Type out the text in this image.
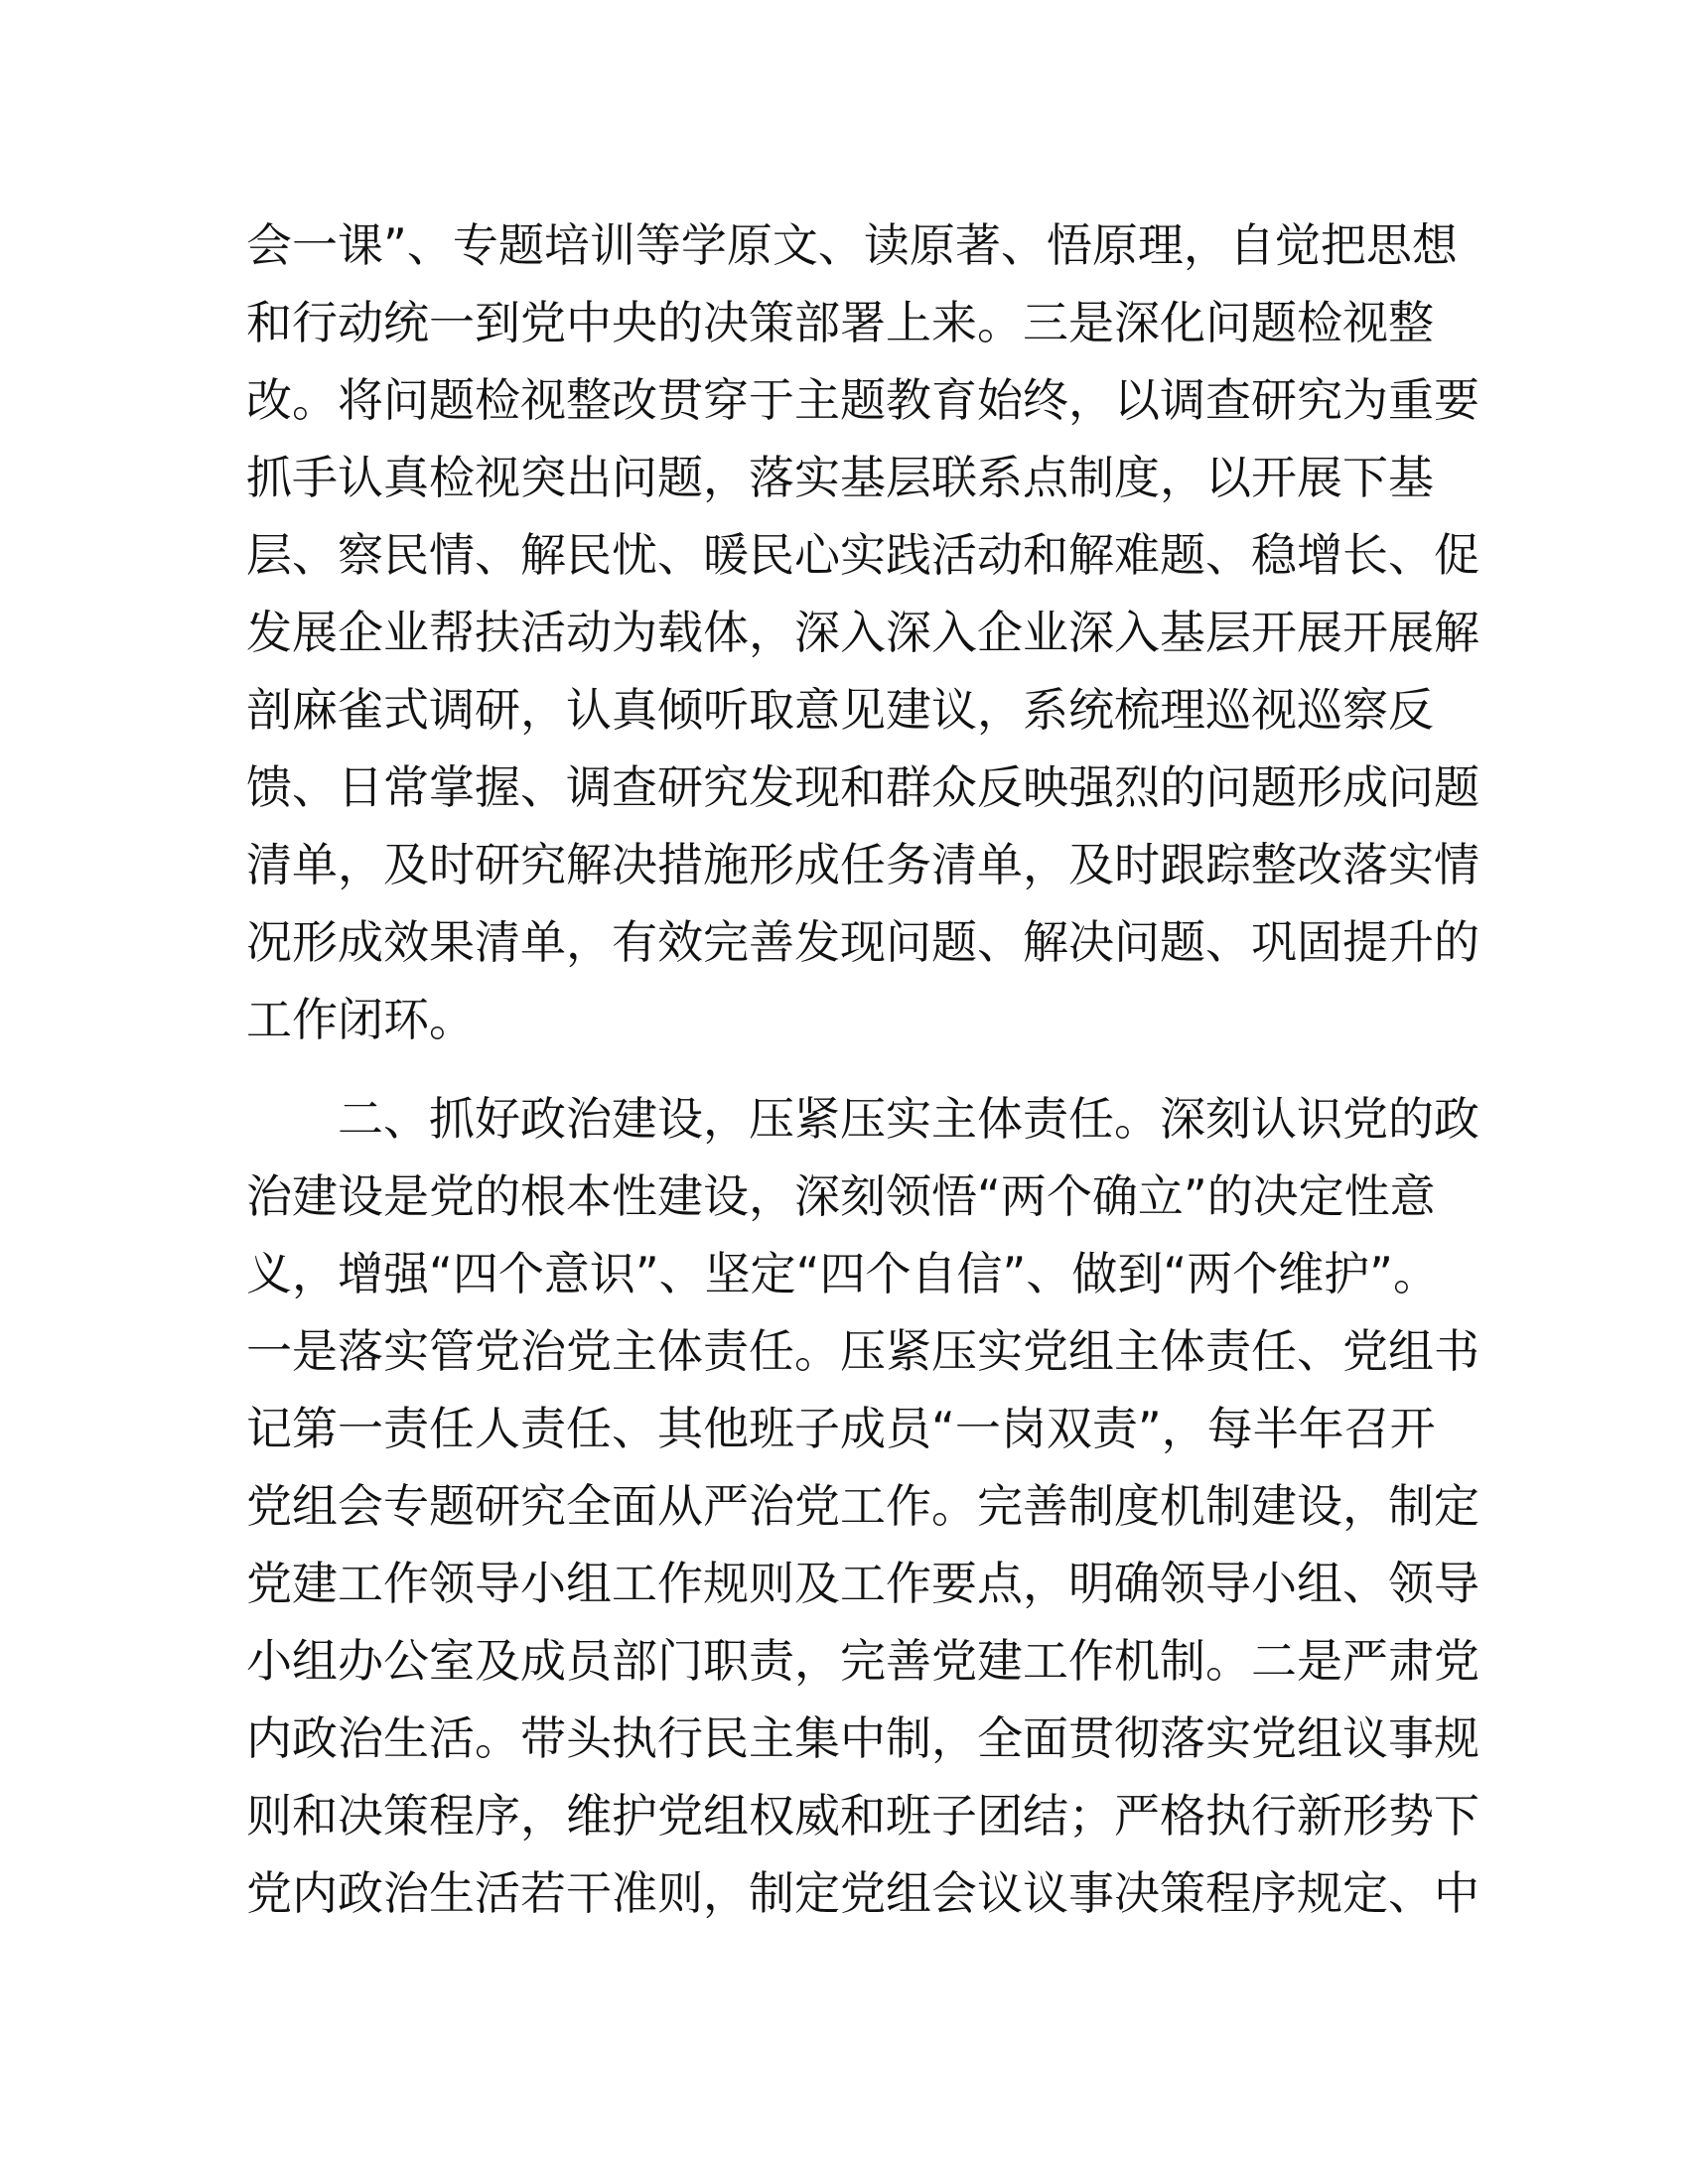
会一课”、专题培训等学原文、读原著、悟原理，自觉把思想
和行动统一到党中央的决策部署上来。三是深化问题检视整
改。将问题检视整改贯穿于主题教育始终，以调查研究为重要
抓手认真检视突出问题，落实基层联系点制度，以开展下基
层、察民情、解民忧、暖民心实践活动和解难题、稳增长、促
发展企业帮扶活动为载体，深入深入企业深入基层开展开展解
剖麻雀式调研，认真倾听取意见建议，系统梳理巡视巡察反
馈、日常掌握、调查研究发现和群众反映强烈的问题形成问题
清单，及时研究解决措施形成任务清单，及时跟踪整改落实情
况形成效果清单，有效完善发现问题、解决问题、巩固提升的
工作闭环。
　　二、抓好政治建设，压紧压实主体责任。深刻认识党的政
治建设是党的根本性建设，深刻领悟“两个确立”的决定性意
义，增强“四个意识”、坚定“四个自信”、做到“两个维护”。
一是落实管党治党主体责任。压紧压实党组主体责任、党组书
记第一责任人责任、其他班子成员“一岗双责”，每半年召开
党组会专题研究全面从严治党工作。完善制度机制建设，制定
党建工作领导小组工作规则及工作要点，明确领导小组、领导
小组办公室及成员部门职责，完善党建工作机制。二是严肃党
内政治生活。带头执行民主集中制，全面贯彻落实党组议事规
则和决策程序，维护党组权威和班子团结；严格执行新形势下
党内政治生活若干准则，制定党组会议议事决策程序规定、中
